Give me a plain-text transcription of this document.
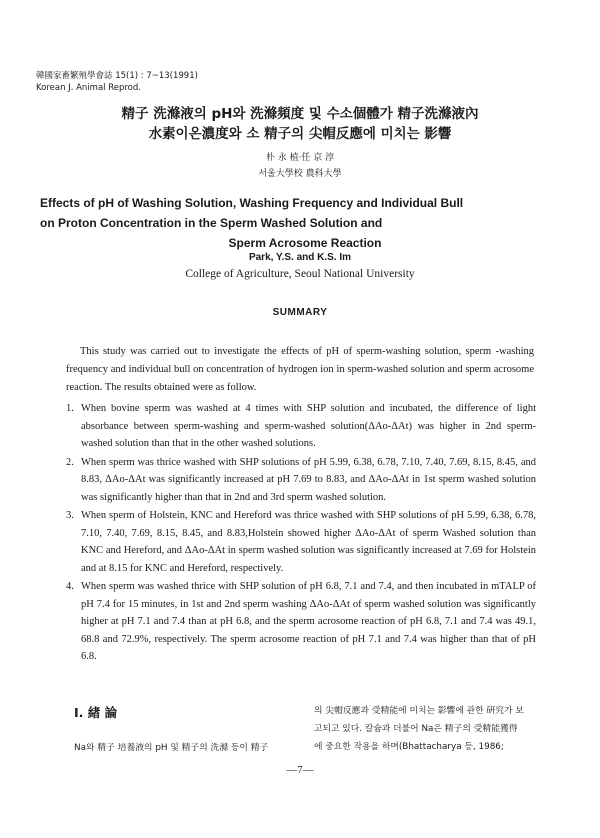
韓國家畜繁殖學會誌 15(1) : 7~13(1991)
Korean J. Animal Reprod.
精子 洗滌液의 pH와 洗滌頻度 및 수소個體가 精子洗滌液內
水素이온濃度와 소 精子의 尖帽反應에 미치는 影響
朴 永 植·任 京 淳
서울大學校 農科大學
Effects of pH of Washing Solution, Washing Frequency and Individual Bull
on Proton Concentration in the Sperm Washed Solution and
Sperm Acrosome Reaction
Park, Y.S. and K.S. Im
College of Agriculture, Seoul National University
SUMMARY

This study was carried out to investigate the effects of pH of sperm-washing solution, sperm -washing frequency and individual bull on concentration of hydrogen ion in sperm-washed solution and sperm acrosome reaction. The results obtained were as follow.

1. When bovine sperm was washed at 4 times with SHP solution and incubated, the difference of light absorbance between sperm-washing and sperm-washed solution(ΔAo-ΔAt) was higher in 2nd sperm-washed solution than that in the other washed solutions.
2. When sperm was thrice washed with SHP solutions of pH 5.99, 6.38, 6.78, 7.10, 7.40, 7.69, 8.15, 8.45, and 8.83, ΔAo-ΔAt was significantly increased at pH 7.69 to 8.83, and ΔAo-ΔAt in 1st sperm washed solution was significantly higher than that in 2nd and 3rd sperm washed solution.
3. When sperm of Holstein, KNC and Hereford was thrice washed with SHP solutions of pH 5.99, 6.38, 6.78, 7.10, 7.40, 7.69, 8.15, 8.45, and 8.83,Holstein showed higher ΔAo-ΔAt of sperm Washed solution than KNC and Hereford, and ΔAo-ΔAt in sperm washed solution was significantly increased at 7.69 for Holstein and at 8.15 for KNC and Hereford, respectively.
4. When sperm was washed thrice with SHP solution of pH 6.8, 7.1 and 7.4, and then incubated in mTALP of pH 7.4 for 15 minutes, in 1st and 2nd sperm washing ΔAo-ΔAt of sperm washed solution was significantly higher at pH 7.1 and 7.4 than at pH 6.8, and the sperm acrosome reaction of pH 6.8, 7.1 and 7.4 was 49.1, 68.8 and 72.9%, respectively. The sperm acrosome reaction of pH 7.1 and 7.4 was higher than that of pH 6.8.
Ⅰ. 緖 論
Na와 精子 培養液의 pH 및 精子의 洗滌 등이 精子
의 尖帽反應과 受精能에 미치는 影響에 관한 硏究가 보
고되고 있다. 칼슘과 더불어 Na은 精子의 受精能獲得
에 중요한 작용을 하며(Bhattacharya 등, 1986;
—7—
